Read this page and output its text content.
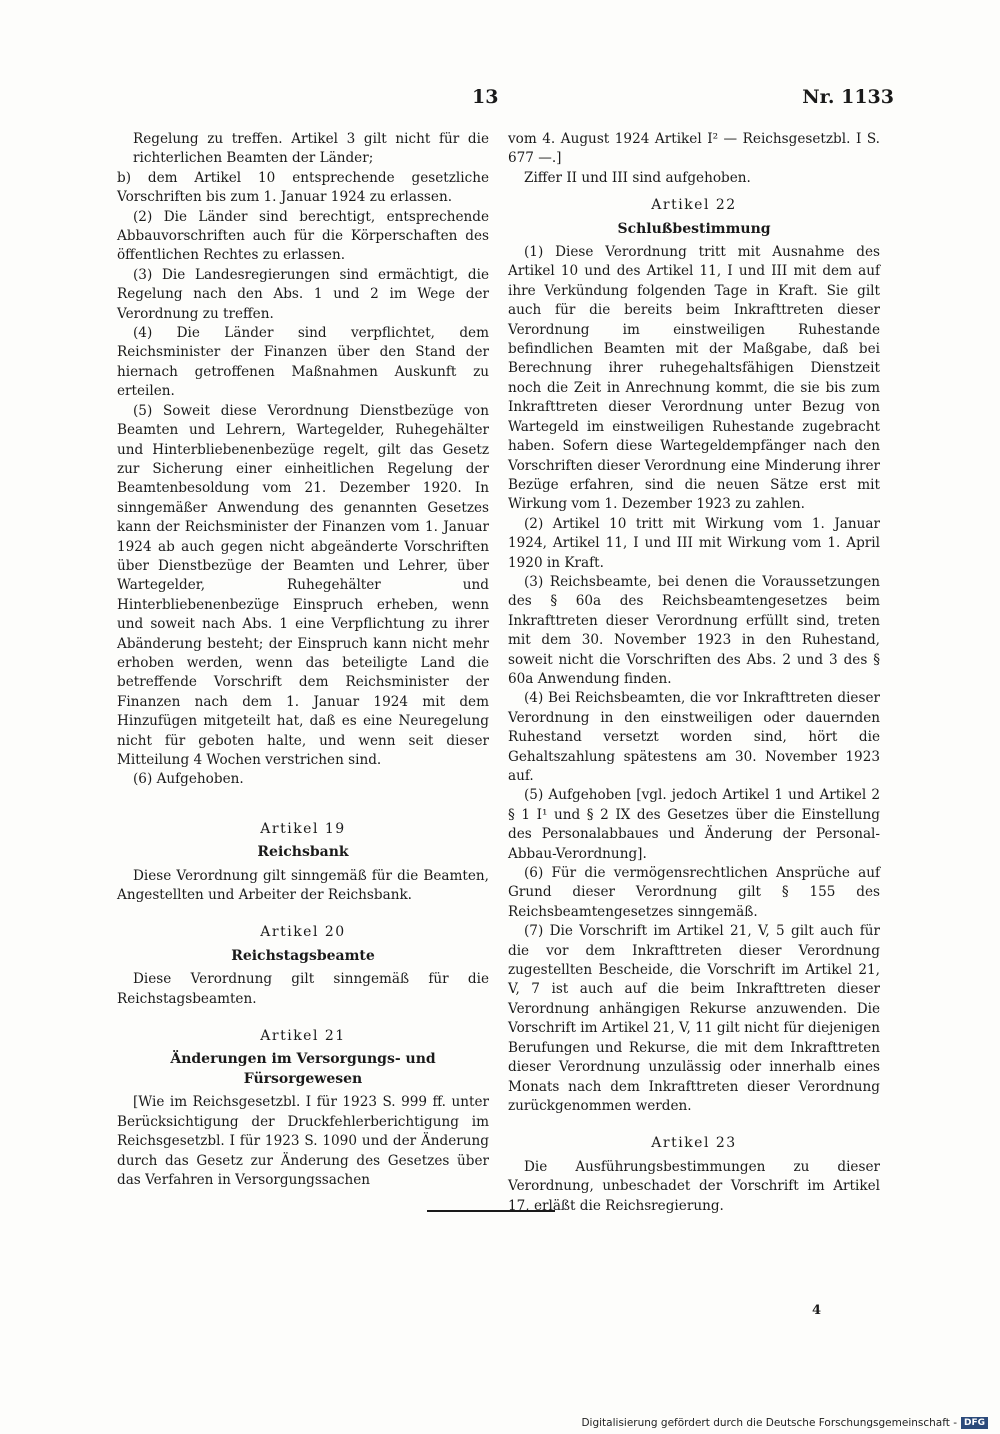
13	Nr. 1133

Regelung zu treffen. Artikel 3 gilt nicht für die richterlichen Beamten der Länder;

b) dem Artikel 10 entsprechende gesetzliche Vorschriften bis zum 1. Januar 1924 zu erlassen.

(2) Die Länder sind berechtigt, entsprechende Abbauvorschriften auch für die Körperschaften des öffentlichen Rechtes zu erlassen.

(3) Die Landesregierungen sind ermächtigt, die Regelung nach den Abs. 1 und 2 im Wege der Verordnung zu treffen.

(4) Die Länder sind verpflichtet, dem Reichsminister der Finanzen über den Stand der hiernach getroffenen Maßnahmen Auskunft zu erteilen.

(5) Soweit diese Verordnung Dienstbezüge von Beamten und Lehrern, Wartegelder, Ruhegehälter und Hinterbliebenenbezüge regelt, gilt das Gesetz zur Sicherung einer einheitlichen Regelung der Beamtenbesoldung vom 21. Dezember 1920. In sinngemäßer Anwendung des genannten Gesetzes kann der Reichsminister der Finanzen vom 1. Januar 1924 ab auch gegen nicht abgeänderte Vorschriften über Dienstbezüge der Beamten und Lehrer, über Wartegelder, Ruhegehälter und Hinterbliebenenbezüge Einspruch erheben, wenn und soweit nach Abs. 1 eine Verpflichtung zu ihrer Abänderung besteht; der Einspruch kann nicht mehr erhoben werden, wenn das beteiligte Land die betreffende Vorschrift dem Reichsminister der Finanzen nach dem 1. Januar 1924 mit dem Hinzufügen mitgeteilt hat, daß es eine Neuregelung nicht für geboten halte, und wenn seit dieser Mitteilung 4 Wochen verstrichen sind.

(6) Aufgehoben.

Artikel 19
Reichsbank

Diese Verordnung gilt sinngemäß für die Beamten, Angestellten und Arbeiter der Reichsbank.

Artikel 20
Reichstagsbeamte

Diese Verordnung gilt sinngemäß für die Reichstagsbeamten.

Artikel 21
Änderungen im Versorgungs- und Fürsorgewesen

[Wie im Reichsgesetzbl. I für 1923 S. 999 ff. unter Berücksichtigung der Druckfehlerberichtigung im Reichsgesetzbl. I für 1923 S. 1090 und der Änderung durch das Gesetz zur Änderung des Gesetzes über das Verfahren in Versorgungssachen

vom 4. August 1924 Artikel I² — Reichsgesetzbl. I S. 677 —.]

Ziffer II und III sind aufgehoben.

Artikel 22
Schlußbestimmung

(1) Diese Verordnung tritt mit Ausnahme des Artikel 10 und des Artikel 11, I und III mit dem auf ihre Verkündung folgenden Tage in Kraft. Sie gilt auch für die bereits beim Inkrafttreten dieser Verordnung im einstweiligen Ruhestande befindlichen Beamten mit der Maßgabe, daß bei Berechnung ihrer ruhegehaltsfähigen Dienstzeit noch die Zeit in Anrechnung kommt, die sie bis zum Inkrafttreten dieser Verordnung unter Bezug von Wartegeld im einstweiligen Ruhestande zugebracht haben. Sofern diese Wartegeldempfänger nach den Vorschriften dieser Verordnung eine Minderung ihrer Bezüge erfahren, sind die neuen Sätze erst mit Wirkung vom 1. Dezember 1923 zu zahlen.

(2) Artikel 10 tritt mit Wirkung vom 1. Januar 1924, Artikel 11, I und III mit Wirkung vom 1. April 1920 in Kraft.

(3) Reichsbeamte, bei denen die Voraussetzungen des § 60a des Reichsbeamtengesetzes beim Inkrafttreten dieser Verordnung erfüllt sind, treten mit dem 30. November 1923 in den Ruhestand, soweit nicht die Vorschriften des Abs. 2 und 3 des § 60a Anwendung finden.

(4) Bei Reichsbeamten, die vor Inkrafttreten dieser Verordnung in den einstweiligen oder dauernden Ruhestand versetzt worden sind, hört die Gehaltszahlung spätestens am 30. November 1923 auf.

(5) Aufgehoben [vgl. jedoch Artikel 1 und Artikel 2 § 1 I¹ und § 2 IX des Gesetzes über die Einstellung des Personalabbaues und Änderung der Personal-Abbau-Verordnung].

(6) Für die vermögensrechtlichen Ansprüche auf Grund dieser Verordnung gilt § 155 des Reichsbeamtengesetzes sinngemäß.

(7) Die Vorschrift im Artikel 21, V, 5 gilt auch für die vor dem Inkrafttreten dieser Verordnung zugestellten Bescheide, die Vorschrift im Artikel 21, V, 7 ist auch auf die beim Inkrafttreten dieser Verordnung anhängigen Rekurse anzuwenden. Die Vorschrift im Artikel 21, V, 11 gilt nicht für diejenigen Berufungen und Rekurse, die mit dem Inkrafttreten dieser Verordnung unzulässig oder innerhalb eines Monats nach dem Inkrafttreten dieser Verordnung zurückgenommen werden.

Artikel 23

Die Ausführungsbestimmungen zu dieser Verordnung, unbeschadet der Vorschrift im Artikel 17, erläßt die Reichsregierung.

4
Digitalisierung gefördert durch die Deutsche Forschungsgemeinschaft - DFG
